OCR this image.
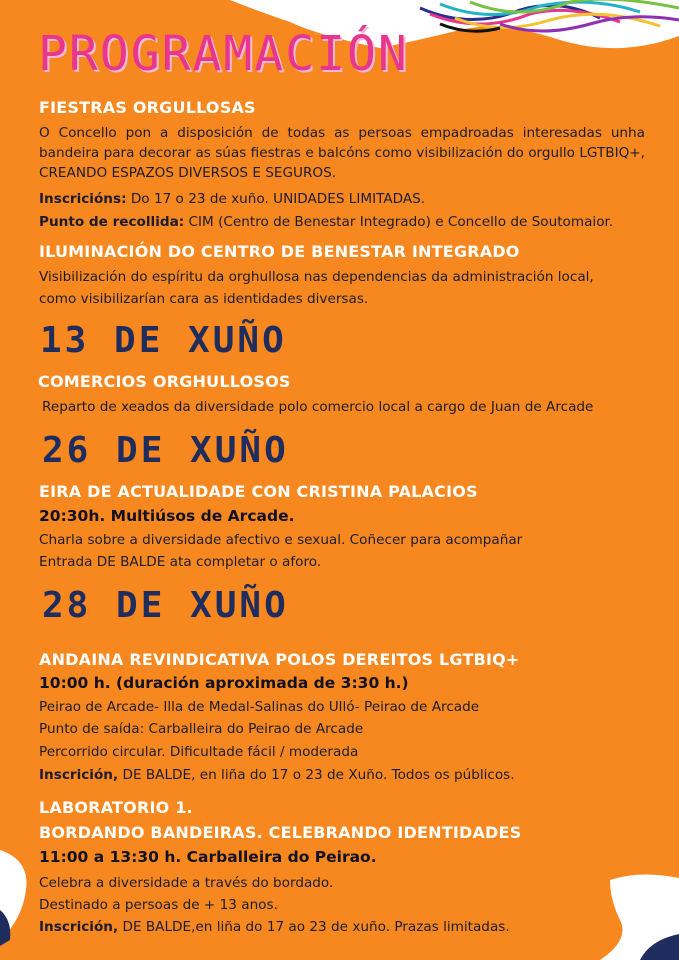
PROGRAMACIÓN

FIESTRAS ORGULLOSAS

O Concello pon a disposición de todas as persoas empadroadas interesadas unha bandeira para decorar as súas fiestras e balcóns como visibilización do orgullo LGTBIQ+, CREANDO ESPAZOS DIVERSOS E SEGUROS.

Inscricións: Do 17 o 23 de xuño. UNIDADES LIMITADAS.

Punto de recollida: CIM (Centro de Benestar Integrado) e Concello de Soutomaior.

ILUMINACIÓN DO CENTRO DE BENESTAR INTEGRADO

Visibilización do espíritu da orghullosa nas dependencias da administración local,

como visibilizarían cara as identidades diversas.

13 DE XUÑO

COMERCIOS ORGHULLOSOS

Reparto de xeados da diversidade polo comercio local a cargo de Juan de Arcade

26 DE XUÑO

EIRA DE ACTUALIDADE CON CRISTINA PALACIOS

20:30h. Multiúsos de Arcade.

Charla sobre a diversidade afectivo e sexual. Coñecer para acompañar

Entrada DE BALDE ata completar o aforo.

28 DE XUÑO

ANDAINA REVINDICATIVA POLOS DEREITOS LGTBIQ+

10:00 h. (duración aproximada de 3:30 h.)

Peirao de Arcade- Illa de Medal-Salinas do Ulló- Peirao de Arcade

Punto de saída: Carballeira do Peirao de Arcade

Percorrido circular. Dificultade fácil / moderada

Inscrición, DE BALDE, en liña do 17 o 23 de Xuño. Todos os públicos.

LABORATORIO 1.

BORDANDO BANDEIRAS. CELEBRANDO IDENTIDADES

11:00 a 13:30 h. Carballeira do Peirao.

Celebra a diversidade a través do bordado.

Destinado a persoas de + 13 anos.

Inscrición, DE BALDE,en liña do 17 ao 23 de xuño. Prazas limitadas.
